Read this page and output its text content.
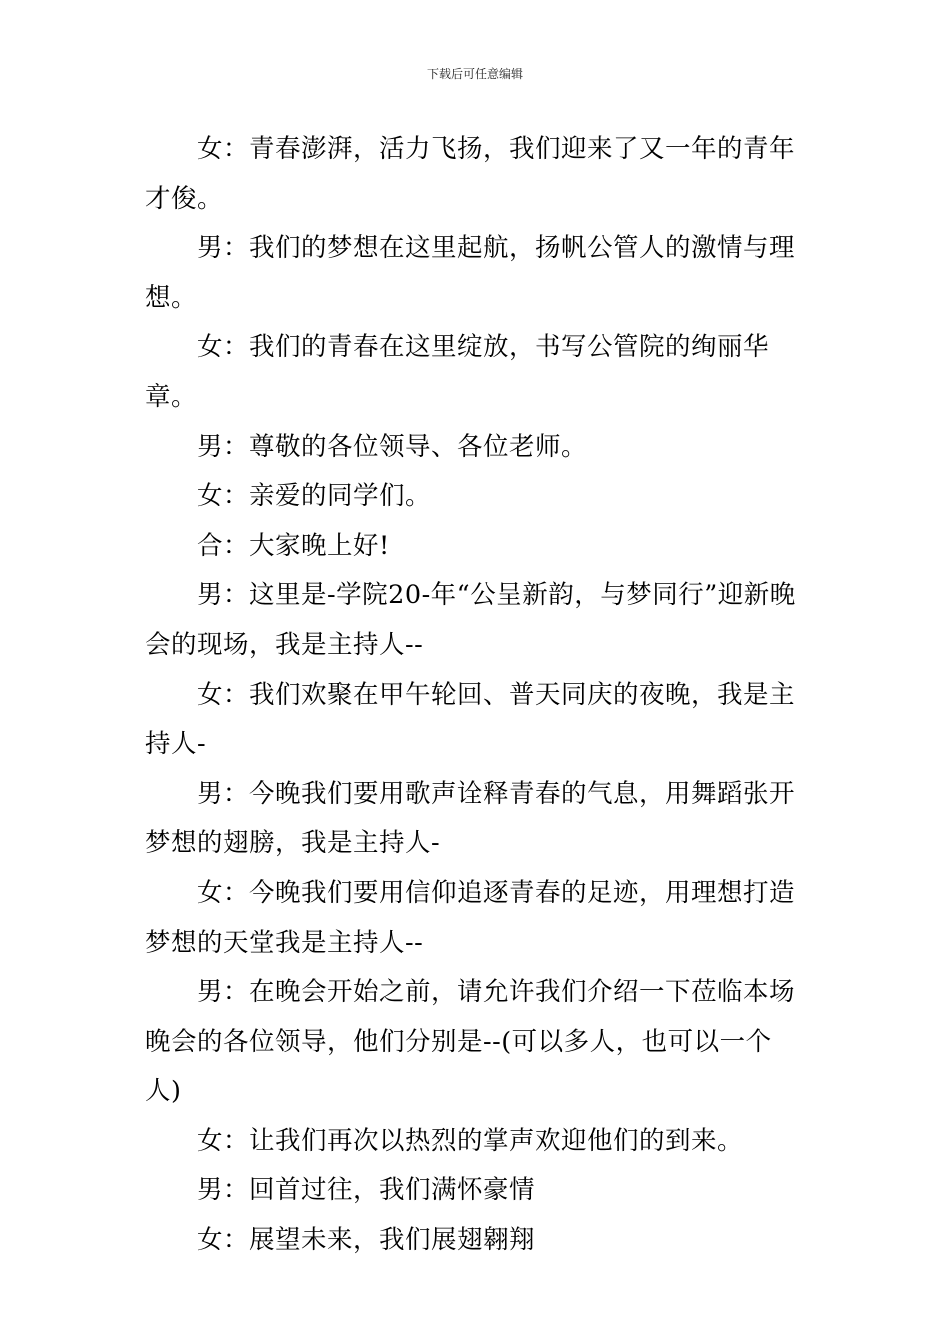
下载后可任意编辑

女：青春澎湃，活力飞扬，我们迎来了又一年的青年才俊。

男：我们的梦想在这里起航，扬帆公管人的激情与理想。

女：我们的青春在这里绽放，书写公管院的绚丽华章。

男：尊敬的各位领导、各位老师。

女：亲爱的同学们。

合：大家晚上好!

男：这里是-学院20-年“公呈新韵，与梦同行”迎新晚会的现场，我是主持人--

女：我们欢聚在甲午轮回、普天同庆的夜晚，我是主持人-

男：今晚我们要用歌声诠释青春的气息，用舞蹈张开梦想的翅膀，我是主持人-

女：今晚我们要用信仰追逐青春的足迹，用理想打造梦想的天堂我是主持人--

男：在晚会开始之前，请允许我们介绍一下莅临本场晚会的各位领导，他们分别是--(可以多人，也可以一个人)

女：让我们再次以热烈的掌声欢迎他们的到来。

男：回首过往，我们满怀豪情

女：展望未来，我们展翅翱翔
